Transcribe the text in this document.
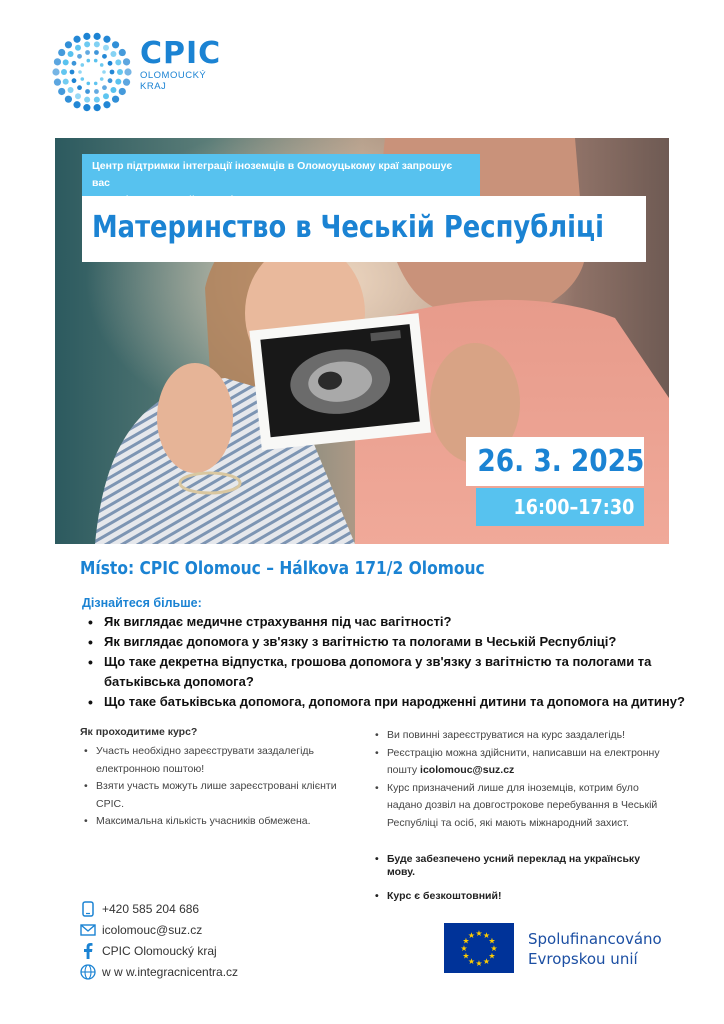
CPIC
OLOMOUCKÝ
KRAJ
Центр підтримки інтеграції іноземців в Оломоуцькому краї запрошує вас
Материнство в Чеській Республіці
26. 3. 2025
16:00–17:30
Místo: CPIC Olomouc – Hálkova 171/2 Olomouc
Дізнайтеся більше:
• Як виглядає медичне страхування під час вагітності?
• Як виглядає допомога у зв'язку з вагітністю та пологами в Чеській Республіці?
• Що таке декретна відпустка, грошова допомога у зв'язку з вагітністю та пологами та батьківська допомога?
• Що таке батьківська допомога, допомога при народженні дитини та допомога на дитину?
Як проходитиме курс?
• Участь необхідно зареєструвати заздалегідь електронною поштою!
• Взяти участь можуть лише зареєстровані клієнти CPIC.
• Максимальна кількість учасників обмежена.
• Ви повинні зареєструватися на курс заздалегідь!
• Реєстрацію можна здійснити, написавши на електронну пошту icolomouc@suz.cz
• Курс призначений лише для іноземців, котрим було надано дозвіл на довгострокове перебування в Чеській Республіці та осіб, які мають міжнародний захист.
• Буде забезпечено усний переклад на українську мову.
• Курс є безкоштовний!
+420 585 204 686
icolomouc@suz.cz
CPIC Olomoucký kraj
w w w.integracnicentra.cz
★
★
★
★
★
★
★
★
★ ★ ★
★ Spolufinancováno
Evropskou unií
